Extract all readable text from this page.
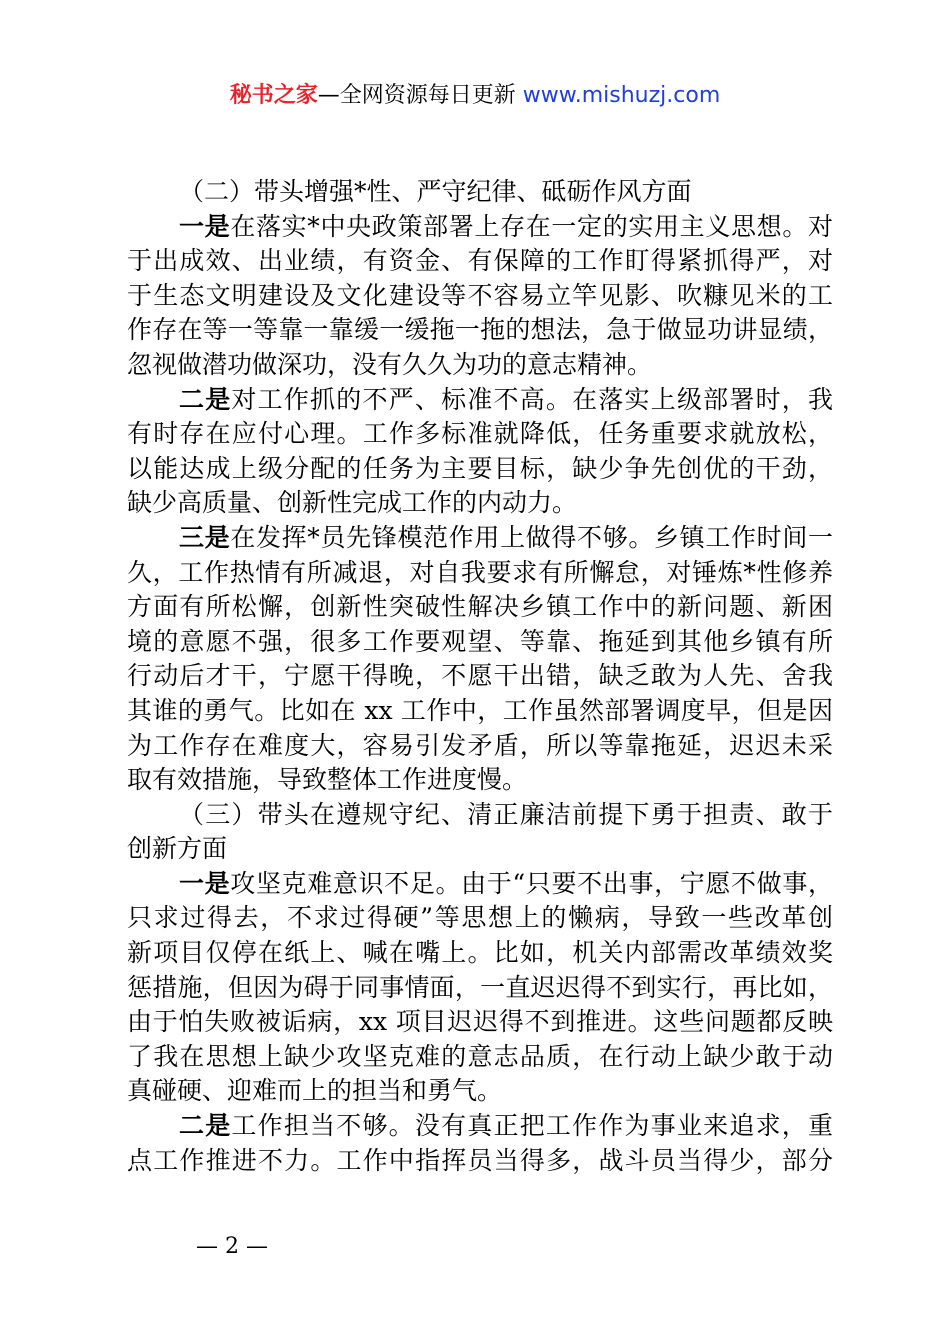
秘书之家—全网资源每日更新 www.mishuzj.com
（二）带头增强*性、严守纪律、砥砺作风方面
一是在落实*中央政策部署上存在一定的实用主义思想。对
于出成效、出业绩，有资金、有保障的工作盯得紧抓得严，对
于生态文明建设及文化建设等不容易立竿见影、吹糠见米的工
作存在等一等靠一靠缓一缓拖一拖的想法，急于做显功讲显绩，
忽视做潜功做深功，没有久久为功的意志精神。
二是对工作抓的不严、标准不高。在落实上级部署时，我
有时存在应付心理。工作多标准就降低，任务重要求就放松，
以能达成上级分配的任务为主要目标，缺少争先创优的干劲，
缺少高质量、创新性完成工作的内动力。
三是在发挥*员先锋模范作用上做得不够。乡镇工作时间一
久，工作热情有所减退，对自我要求有所懈怠，对锤炼*性修养
方面有所松懈，创新性突破性解决乡镇工作中的新问题、新困
境的意愿不强，很多工作要观望、等靠、拖延到其他乡镇有所
行动后才干，宁愿干得晚，不愿干出错，缺乏敢为人先、舍我
其谁的勇气。比如在 xx 工作中，工作虽然部署调度早，但是因
为工作存在难度大，容易引发矛盾，所以等靠拖延，迟迟未采
取有效措施，导致整体工作进度慢。
（三）带头在遵规守纪、清正廉洁前提下勇于担责、敢于
创新方面
一是攻坚克难意识不足。由于“只要不出事，宁愿不做事，
只求过得去，不求过得硬”等思想上的懒病，导致一些改革创
新项目仅停在纸上、喊在嘴上。比如，机关内部需改革绩效奖
惩措施，但因为碍于同事情面，一直迟迟得不到实行，再比如，
由于怕失败被诟病，xx 项目迟迟得不到推进。这些问题都反映
了我在思想上缺少攻坚克难的意志品质，在行动上缺少敢于动
真碰硬、迎难而上的担当和勇气。
二是工作担当不够。没有真正把工作作为事业来追求，重
点工作推进不力。工作中指挥员当得多，战斗员当得少，部分
— 2 —
